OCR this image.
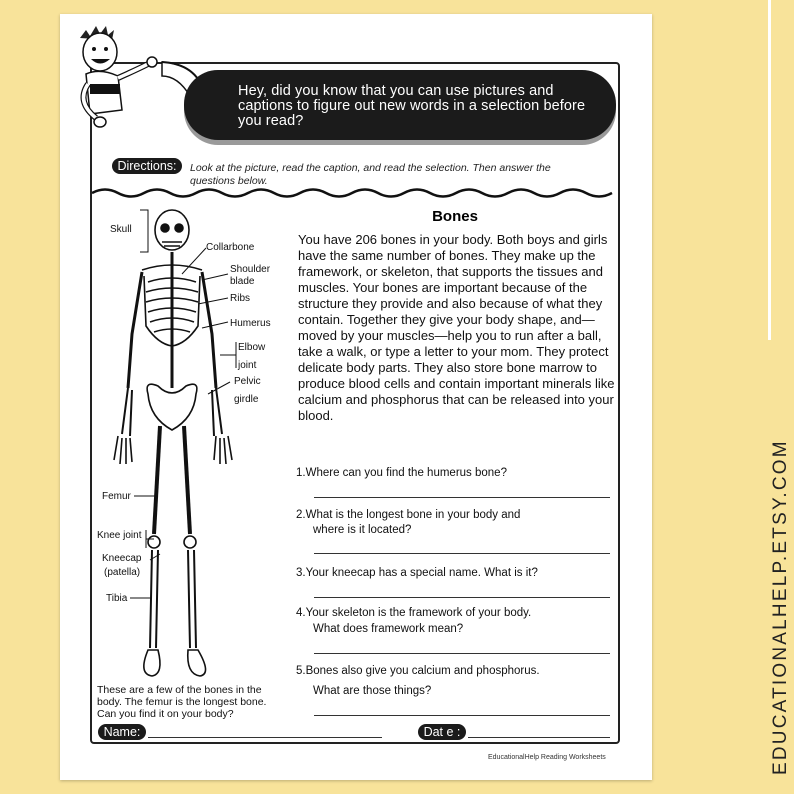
Hey, did you know that you can use pictures and captions to figure out new words in a selection before you read?
Directions:	Look at the picture, read the caption, and read the selection. Then answer the questions below.
Skull
Collarbone
Shoulder
blade
Ribs
Humerus
Elbow
joint
Pelvic
girdle
Femur
Knee joint
Kneecap
(patella)
Tibia
Bones
You have 206 bones in your body. Both boys and girls have the same number of bones. They make up the framework, or skeleton, that supports the tissues and muscles. Your bones are important because of the structure they provide and also because of what they contain. Together they give your body shape, and—moved by your muscles—help you to run after a ball, take a walk, or type a letter to your mom. They protect delicate body parts. They also store bone marrow to produce blood cells and contain important minerals like calcium and phosphorus that can be released into your blood.
1.Where can you find the humerus bone?
2.What is the longest bone in your body and
where is it located?
3.Your kneecap has a special name. What is it?
4.Your skeleton is the framework of your body.
What does framework mean?
5.Bones also give you calcium and phosphorus.
What are those things?
These are a few of the bones in the body. The femur is the longest bone. Can you find it on your body?
Name:	Dat e :
EducationalHelp Reading Worksheets	EDUCATIONALHELP.ETSY.COM
